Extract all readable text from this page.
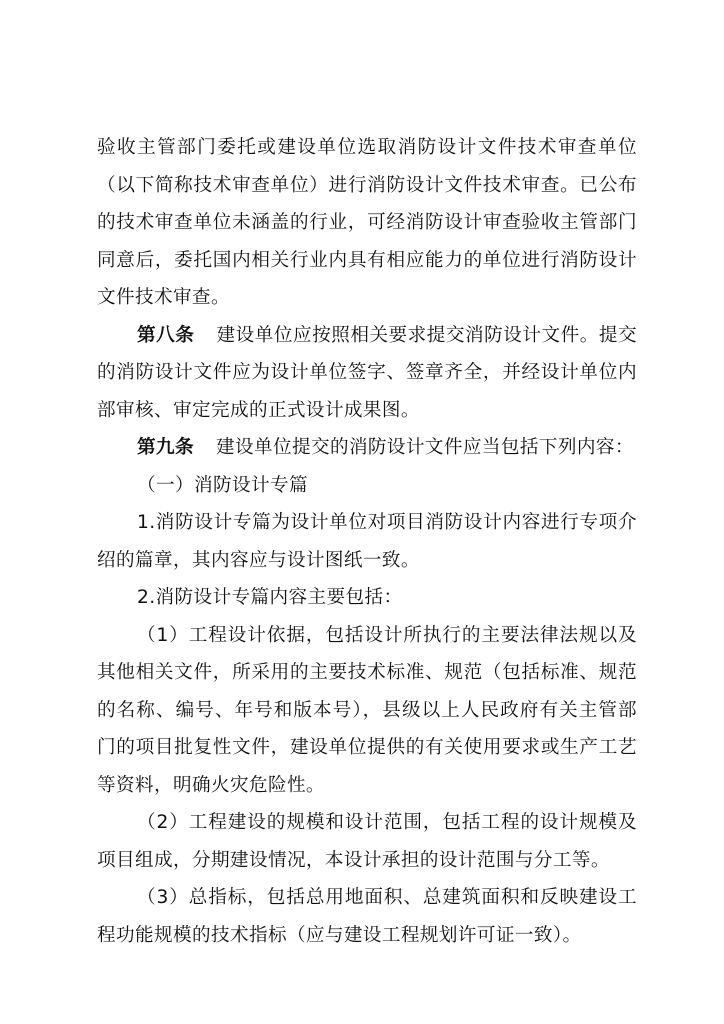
验收主管部门委托或建设单位选取消防设计文件技术审查单位（以下简称技术审查单位）进行消防设计文件技术审查。已公布的技术审查单位未涵盖的行业，可经消防设计审查验收主管部门同意后，委托国内相关行业内具有相应能力的单位进行消防设计文件技术审查。

第八条 建设单位应按照相关要求提交消防设计文件。提交的消防设计文件应为设计单位签字、签章齐全，并经设计单位内部审核、审定完成的正式设计成果图。

第九条 建设单位提交的消防设计文件应当包括下列内容：

（一）消防设计专篇

1.消防设计专篇为设计单位对项目消防设计内容进行专项介绍的篇章，其内容应与设计图纸一致。

2.消防设计专篇内容主要包括：

（1）工程设计依据，包括设计所执行的主要法律法规以及其他相关文件，所采用的主要技术标准、规范（包括标准、规范的名称、编号、年号和版本号），县级以上人民政府有关主管部门的项目批复性文件，建设单位提供的有关使用要求或生产工艺等资料，明确火灾危险性。

（2）工程建设的规模和设计范围，包括工程的设计规模及项目组成，分期建设情况，本设计承担的设计范围与分工等。

（3）总指标，包括总用地面积、总建筑面积和反映建设工程功能规模的技术指标（应与建设工程规划许可证一致）。
